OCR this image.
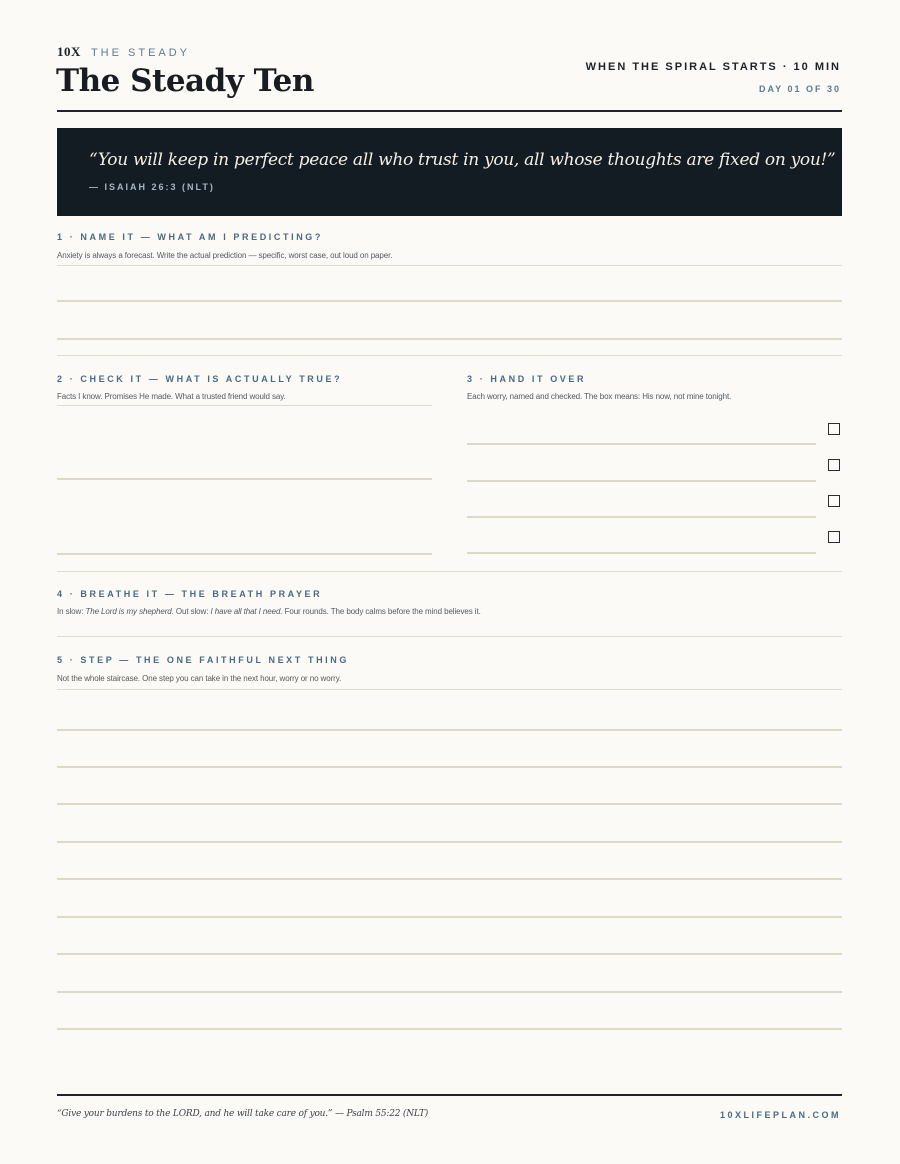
10X THE STEADY
The Steady Ten	WHEN THE SPIRAL STARTS · 10 MIN
DAY 01 OF 30
“You will keep in perfect peace all who trust in you, all whose thoughts are fixed on you!”
— ISAIAH 26:3 (NLT)
1 · NAME IT — WHAT AM I PREDICTING?
Anxiety is always a forecast. Write the actual prediction — specific, worst case, out loud on paper.
2 · CHECK IT — WHAT IS ACTUALLY TRUE?
Facts I know. Promises He made. What a trusted friend would say.
3 · HAND IT OVER
Each worry, named and checked. The box means: His now, not mine tonight.
4 · BREATHE IT — THE BREATH PRAYER
In slow: The Lord is my shepherd. Out slow: I have all that I need. Four rounds. The body calms before the mind believes it.
5 · STEP — THE ONE FAITHFUL NEXT THING
Not the whole staircase. One step you can take in the next hour, worry or no worry.
“Give your burdens to the LORD, and he will take care of you.” — Psalm 55:22 (NLT)	10XLIFEPLAN.COM
